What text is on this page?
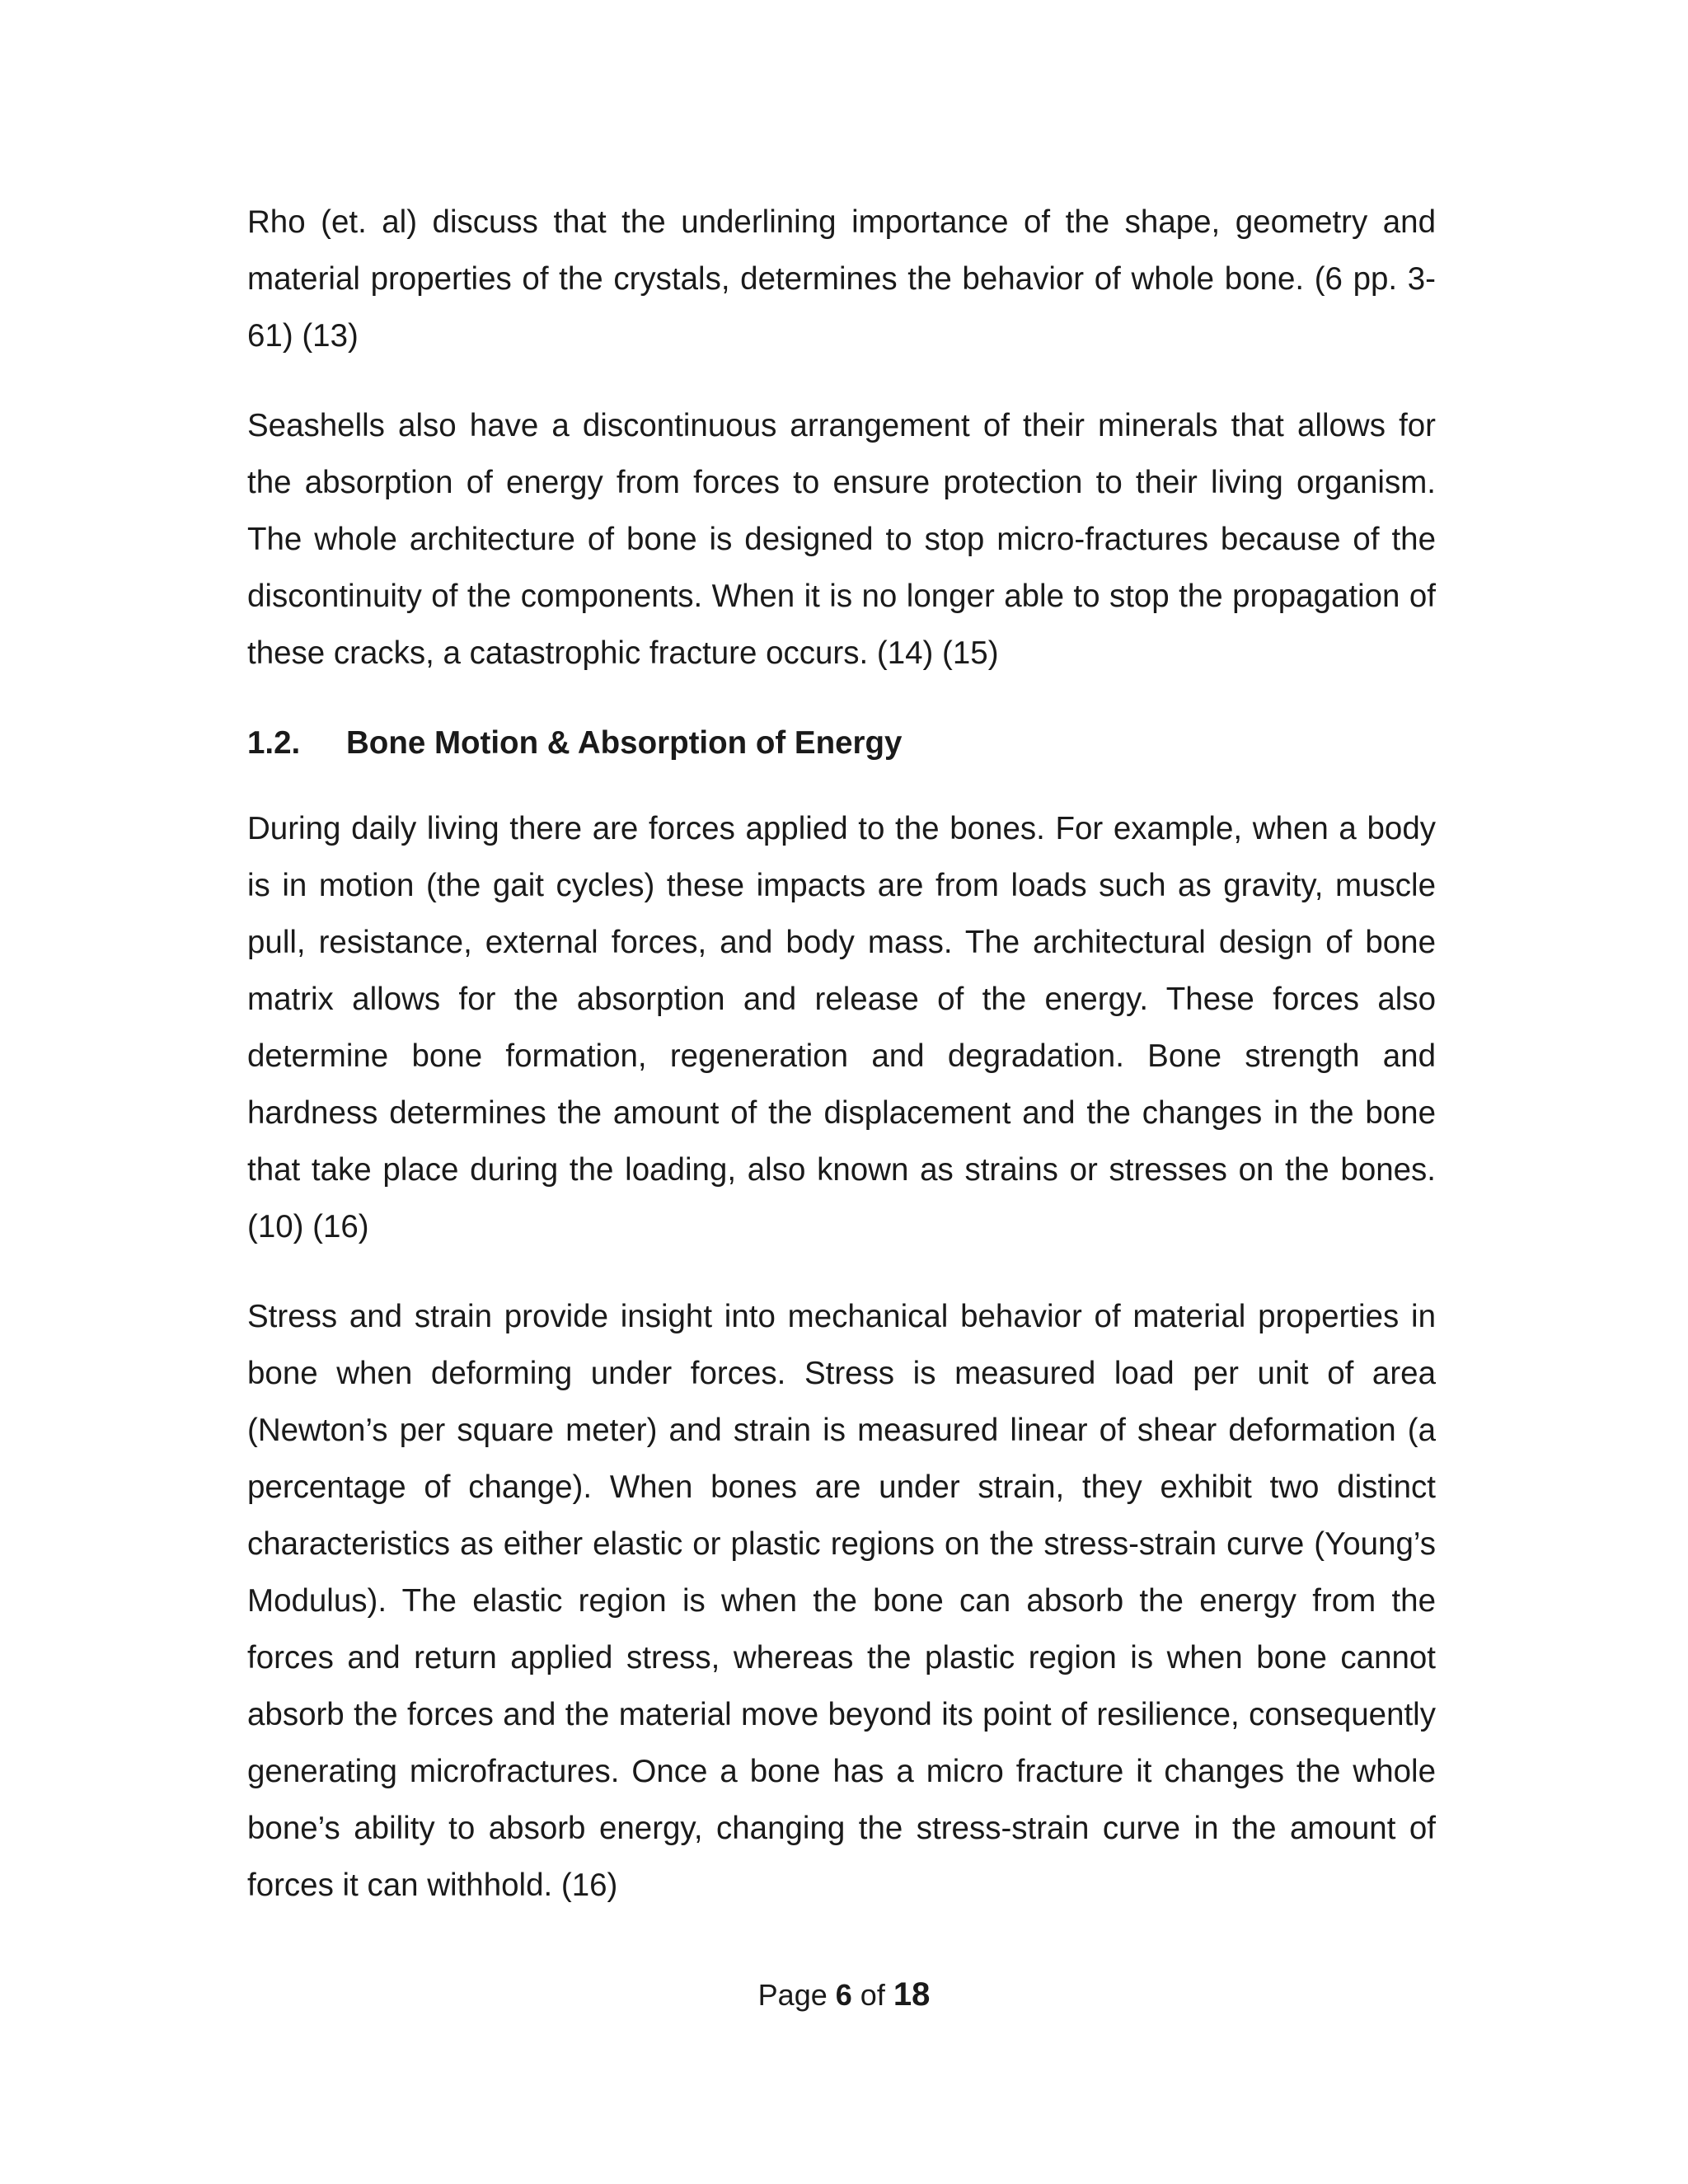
Rho (et. al) discuss that the underlining importance of the shape, geometry and material properties of the crystals, determines the behavior of whole bone. (6 pp. 3-61) (13)

Seashells also have a discontinuous arrangement of their minerals that allows for the absorption of energy from forces to ensure protection to their living organism. The whole architecture of bone is designed to stop micro-fractures because of the discontinuity of the components. When it is no longer able to stop the propagation of these cracks, a catastrophic fracture occurs. (14) (15)

1.2.	Bone Motion & Absorption of Energy

During daily living there are forces applied to the bones. For example, when a body is in motion (the gait cycles) these impacts are from loads such as gravity, muscle pull, resistance, external forces, and body mass. The architectural design of bone matrix allows for the absorption and release of the energy. These forces also determine bone formation, regeneration and degradation. Bone strength and hardness determines the amount of the displacement and the changes in the bone that take place during the loading, also known as strains or stresses on the bones. (10) (16)

Stress and strain provide insight into mechanical behavior of material properties in bone when deforming under forces. Stress is measured load per unit of area (Newton’s per square meter) and strain is measured linear of shear deformation (a percentage of change). When bones are under strain, they exhibit two distinct characteristics as either elastic or plastic regions on the stress-strain curve (Young’s Modulus). The elastic region is when the bone can absorb the energy from the forces and return applied stress, whereas the plastic region is when bone cannot absorb the forces and the material move beyond its point of resilience, consequently generating microfractures. Once a bone has a micro fracture it changes the whole bone’s ability to absorb energy, changing the stress-strain curve in the amount of forces it can withhold. (16)

Page 6 of 18
